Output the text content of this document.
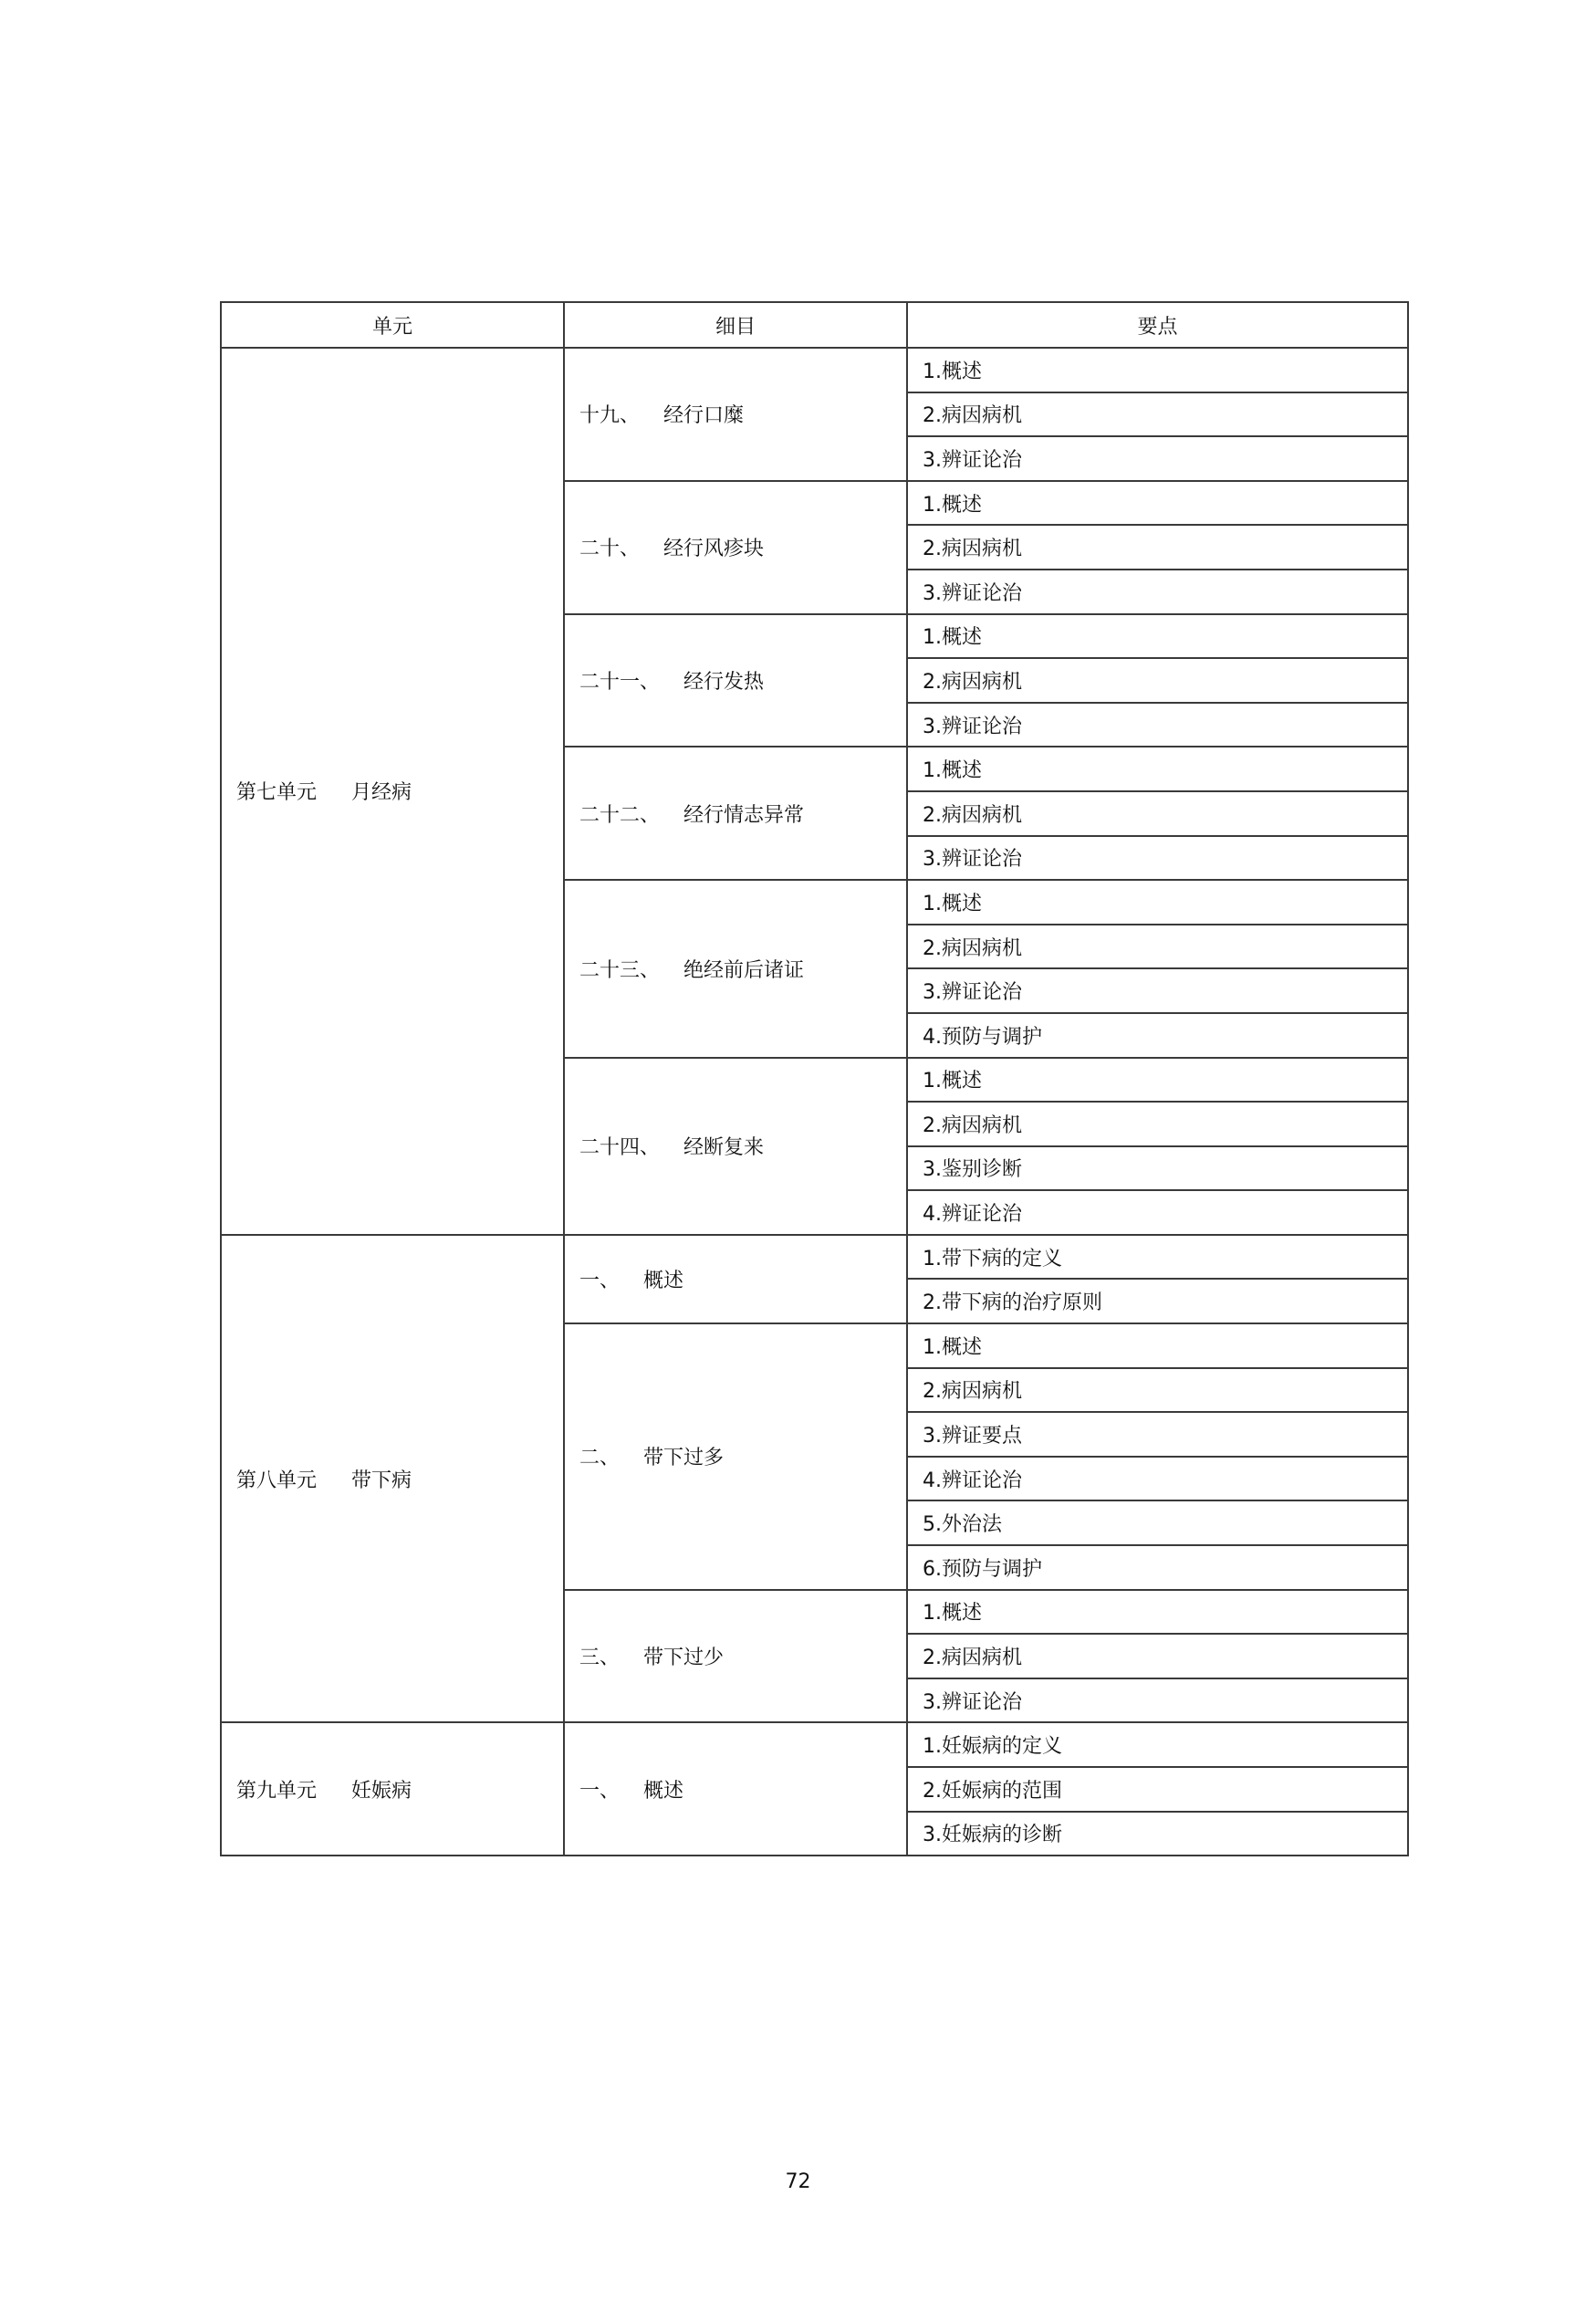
单元	细目	要点
第七单元 月经病	十九、 经行口糜	1.概述
		2.病因病机
		3.辨证论治
	二十、 经行风疹块	1.概述
		2.病因病机
		3.辨证论治
	二十一、 经行发热	1.概述
		2.病因病机
		3.辨证论治
	二十二、 经行情志异常	1.概述
		2.病因病机
		3.辨证论治
	二十三、 绝经前后诸证	1.概述
		2.病因病机
		3.辨证论治
		4.预防与调护
	二十四、 经断复来	1.概述
		2.病因病机
		3.鉴别诊断
		4.辨证论治
第八单元 带下病	一、 概述	1.带下病的定义
		2.带下病的治疗原则
	二、 带下过多	1.概述
		2.病因病机
		3.辨证要点
		4.辨证论治
		5.外治法
		6.预防与调护
	三、 带下过少	1.概述
		2.病因病机
		3.辨证论治
第九单元 妊娠病	一、 概述	1.妊娠病的定义
		2.妊娠病的范围
		3.妊娠病的诊断
72
